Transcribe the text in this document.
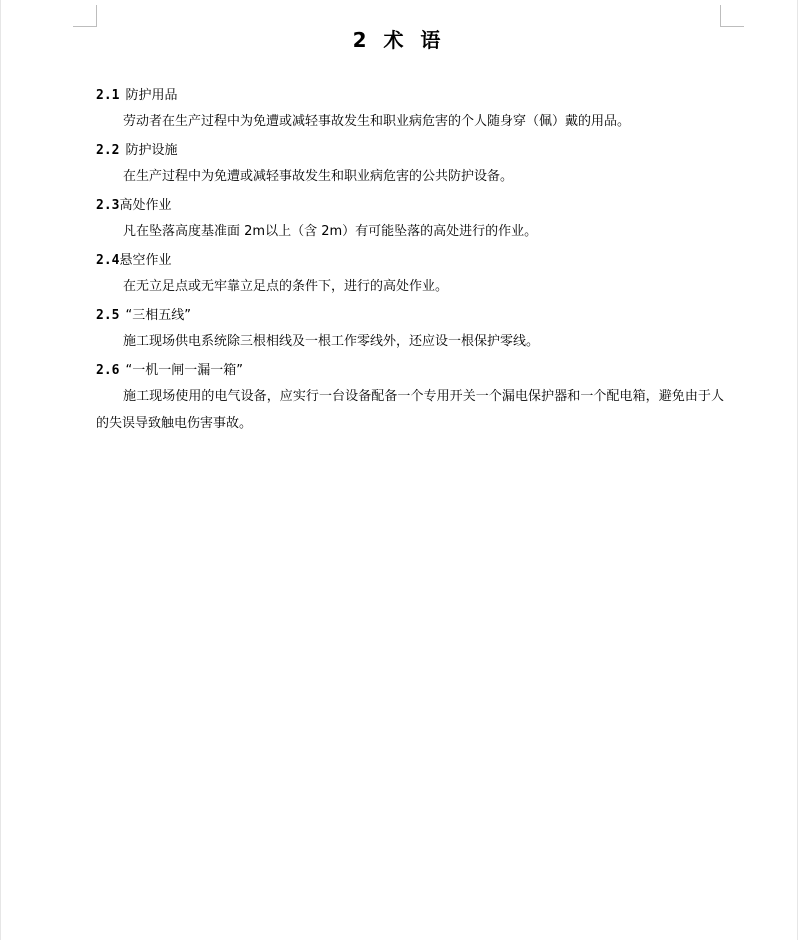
2 术 语
2.1 防护用品

劳动者在生产过程中为免遭或减轻事故发生和职业病危害的个人随身穿（佩）戴的用品。

2.2 防护设施

在生产过程中为免遭或减轻事故发生和职业病危害的公共防护设备。

2.3高处作业

凡在坠落高度基准面 2m以上（含 2m）有可能坠落的高处进行的作业。

2.4悬空作业

在无立足点或无牢靠立足点的条件下，进行的高处作业。

2.5 “三相五线”

施工现场供电系统除三根相线及一根工作零线外，还应设一根保护零线。

2.6 “一机一闸一漏一箱”

施工现场使用的电气设备，应实行一台设备配备一个专用开关一个漏电保护器和一个配电箱，避免由于人的失误导致触电伤害事故。
